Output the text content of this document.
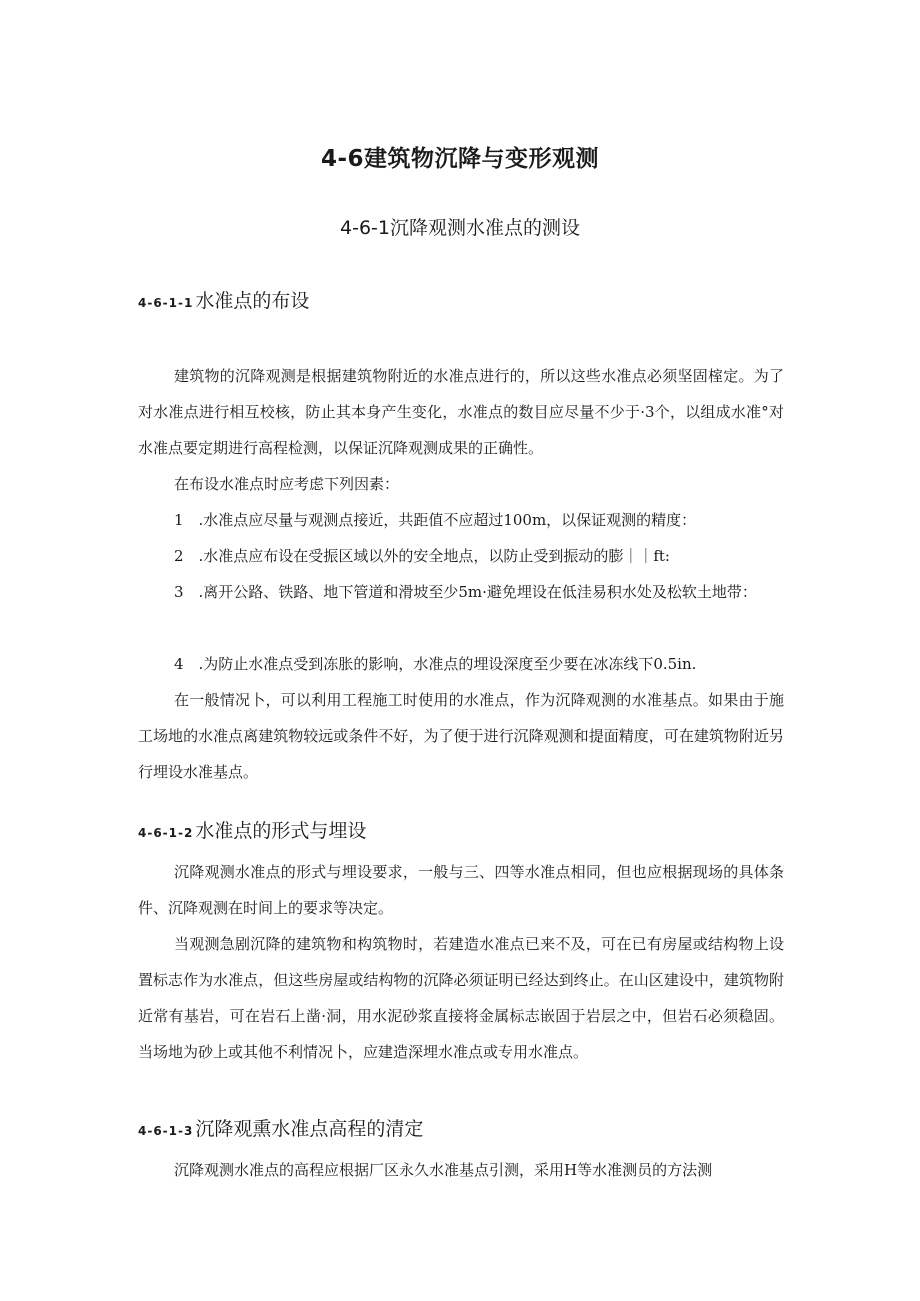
4-6建筑物沉降与变形观测
4-6-1沉降观测水准点的测设
4-6-1-1 水准点的布设

建筑物的沉降观测是根据建筑物附近的水准点进行的，所以这些水准点必须坚固榁定。为了对水准点进行相互校核，防止其本身产生变化，水准点的数目应尽量不少于·3个，以组成水准°对水准点要定期进行高程检测，以保证沉降观测成果的正确性。

在布设水准点时应考虑下列因素：

1　.水准点应尽量与观测点接近，共距值不应超过100m，以保证观测的精度：

2　.水准点应布设在受振区域以外的安全地点，以防止受到振动的膨｜｜ft:

3　.离开公路、铁路、地下管道和滑坡至少5m·避免埋设在低洼易积水处及松软土地带：

4　.为防止水准点受到冻胀的影响，水准点的埋设深度至少要在冰冻线下0.5in.

在一般情况卜，可以利用工程施工时使用的水准点，作为沉降观测的水准基点。如果由于施工场地的水准点离建筑物较远或条件不好，为了便于进行沉降观测和提面精度，可在建筑物附近另行埋设水准基点。

4-6-1-2 水准点的形式与埋设

沉降观测水准点的形式与埋设要求，一般与三、四等水准点相同，但也应根据现场的具体条件、沉降观测在时间上的要求等决定。

当观测急剧沉降的建筑物和构筑物时，若建造水准点已来不及，可在已有房屋或结构物上设置标志作为水准点，但这些房屋或结构物的沉降必须证明已经达到终止。在山区建设中，建筑物附近常有基岩，可在岩石上凿·洞，用水泥砂浆直接将金属标志嵌固于岩层之中，但岩石必须稳固。当场地为砂上或其他不利情况卜，应建造深埋水准点或专用水准点。

4-6-1-3 沉降观熏水准点高程的清定

沉降观测水准点的高程应根据厂区永久水准基点引测，采用H等水准测员的方法测
